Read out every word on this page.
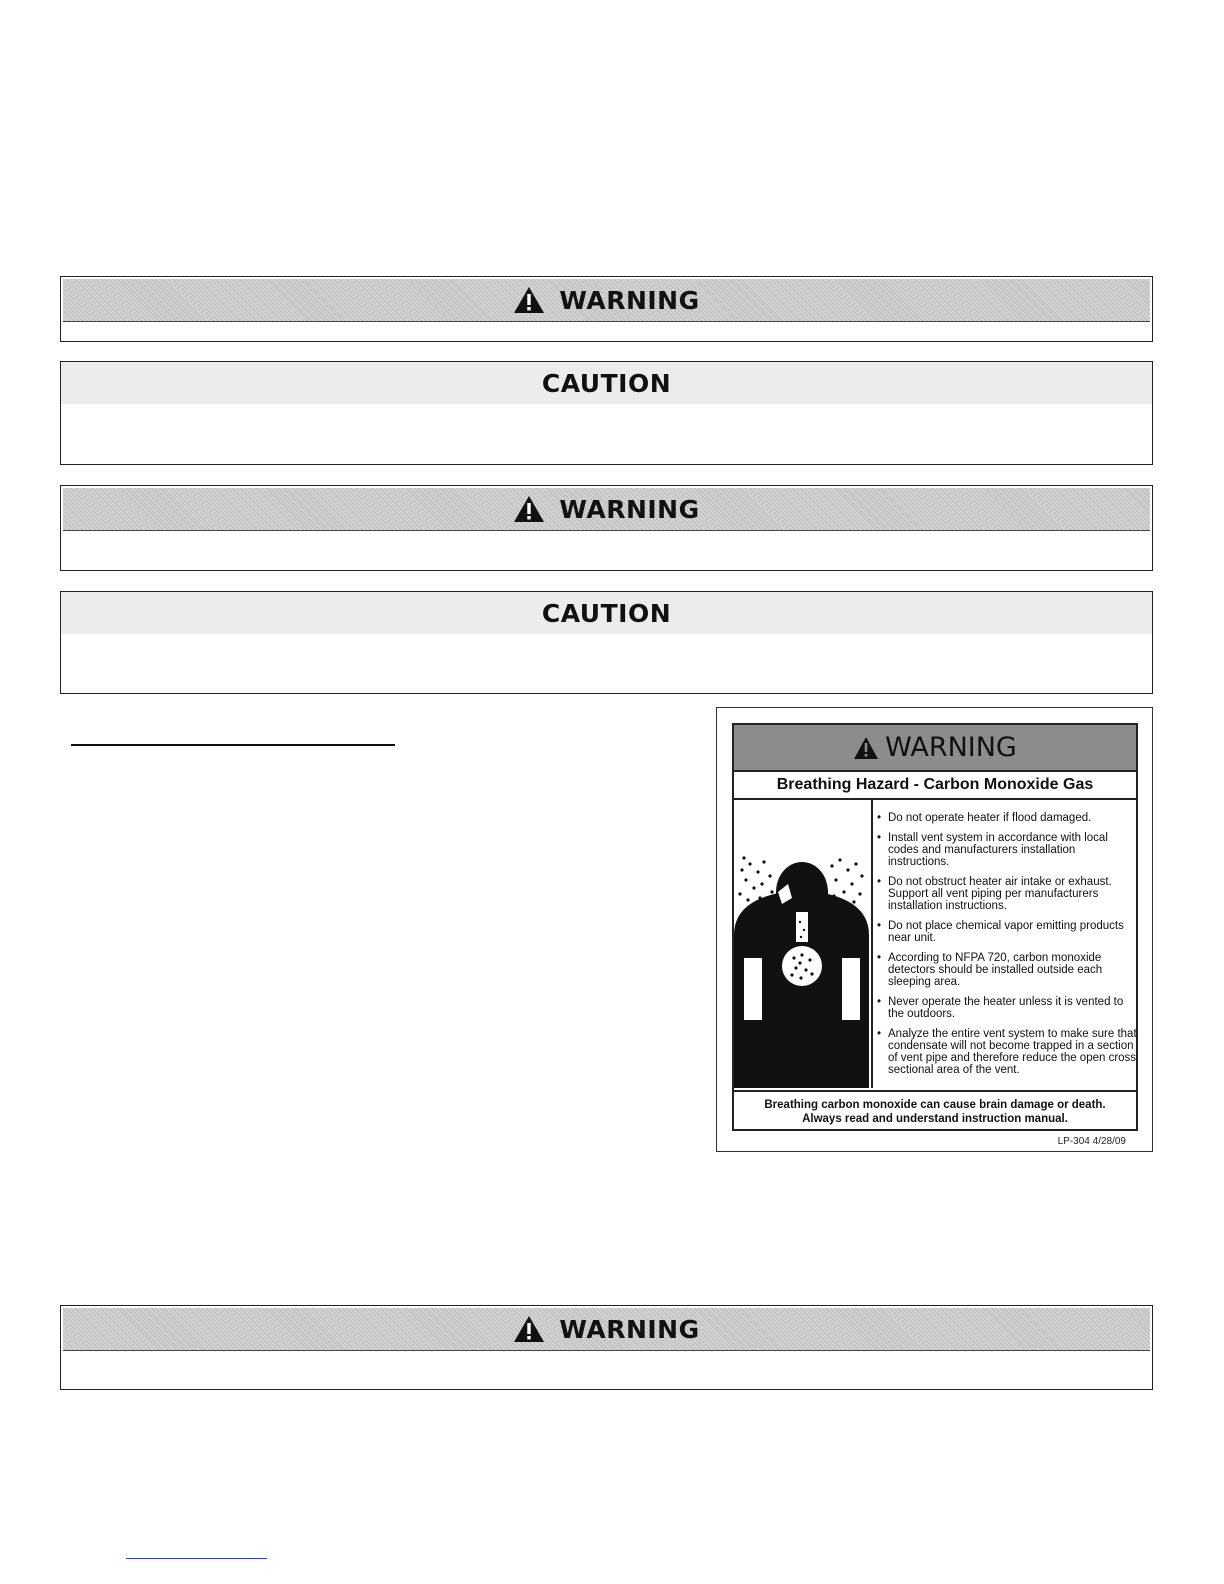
WARNING
CAUTION
WARNING
CAUTION
WARNING
Breathing Hazard - Carbon Monoxide Gas
• Do not operate heater if flood damaged.
• Install vent system in accordance with local codes and manufacturers installation instructions.
• Do not obstruct heater air intake or exhaust. Support all vent piping per manufacturers installation instructions.
• Do not place chemical vapor emitting products near unit.
• According to NFPA 720, carbon monoxide detectors should be installed outside each sleeping area.
• Never operate the heater unless it is vented to the outdoors.
• Analyze the entire vent system to make sure that condensate will not become trapped in a section of vent pipe and therefore reduce the open cross sectional area of the vent.
Breathing carbon monoxide can cause brain damage or death.
Always read and understand instruction manual.
LP-304 4/28/09
WARNING
